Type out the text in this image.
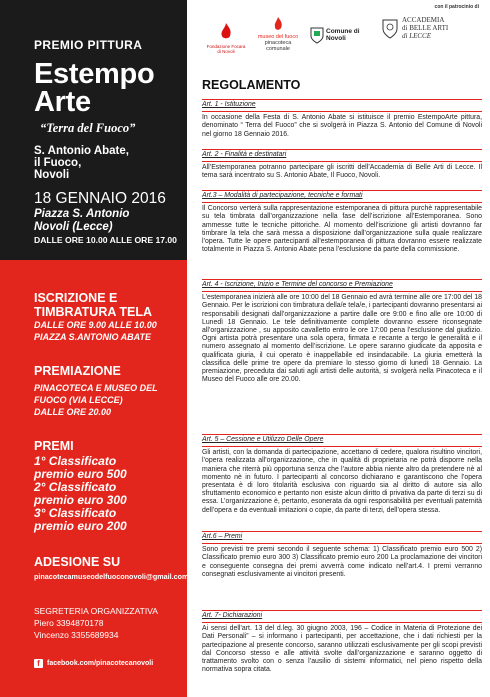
PREMIO PITTURA
Estempo
Arte
“Terra del Fuoco”
S. Antonio Abate,
il Fuoco,
Novoli
18 GENNAIO 2016
Piazza S. Antonio
Novoli (Lecce)
DALLE ORE 10.00 ALLE ORE 17.00
ISCRIZIONE E
TIMBRATURA TELA
DALLE ORE 9.00 ALLE 10.00
PIAZZA S.ANTONIO ABATE
PREMIAZIONE
PINACOTECA E MUSEO DEL
FUOCO (VIA LECCE)
DALLE ORE 20.00
PREMI
1° Classificato
premio euro 500
2° Classificato
premio euro 300
3° Classificato
premio euro 200
ADESIONE SU
pinacotecamuseodelfuoconovoli@gmail.com
SEGRETERIA ORGANIZZATIVA
Piero 3394870178
Vincenzo 3355689934
f	facebook.com/pinacotecanovoli
Fondazione Focara di Novoli
museo del fuoco
pinacoteca
comunale
Comune di Novoli
con il patrocinio di
ACCADEMIA
di BELLE ARTI
di LECCE
REGOLAMENTO
Art. 1 - Istituzione
In occasione della Festa di S. Antonio Abate si istituisce il premio EstempoArte pittura, denominato “ Terra del Fuoco” che si svolgerà in Piazza S. Antonio del Comune di Novoli nel giorno 18 Gennaio 2016.
Art. 2 - Finalità e destinatari
All’Estemporanea potranno partecipare gli iscritti dell’Accademia di Belle Arti di Lecce. Il tema sarà incentrato su S. Antonio Abate, Il Fuoco, Novoli.
Art.3 – Modalità di partecipazione, tecniche e formati
Il Concorso verterà sulla rappresentazione estemporanea di pittura purchè rappresentabile su tela timbrata dall’organizzazione nella fase dell’iscrizione all’Estemporanea. Sono ammesse tutte le tecniche pittoriche. Al momento dell’iscrizione gli artisti dovranno far timbrare la tela che sarà messa a disposizione dall’organizzazione sulla quale realizzare l’opera. Tutte le opere partecipanti all’estemporanea di pittura dovranno essere realizzate totalmente in Piazza S. Antonio Abate pena l’esclusione da parte della commissione.
Art. 4 - Iscrizione, Inizio e Termine del concorso e Premiazione
L’estemporanea inizierà alle ore 10:00 del 18 Gennaio ed avrà termine alle ore 17:00 del 18 Gennaio. Per le iscrizioni con timbratura della/e tela/e, i partecipanti dovranno presentarsi ai responsabili designati dall’organizzazione a partire dalle ore 9:00 e fino alle ore 10:00 di Lunedì 18 Gennaio. Le tele definitivamente complete dovranno essere riconsegnate all’organizzazione , su apposito cavalletto entro le ore 17:00 pena l’esclusione dal giudizio. Ogni artista potrà presentare una sola opera, firmata e recante a tergo le generalità e il numero assegnato al momento dell’iscrizione. Le opere saranno giudicate da apposita e qualificata giuria, il cui operato è inappellabile ed insindacabile. La giuria emetterà la classifica delle prime tre opere da premiare lo stesso giorno di lunedì 18 Gennaio. La premiazione, preceduta dai saluti agli artisti delle autorità, si svolgerà nella Pinacoteca e il Museo del Fuoco alle ore 20.00.
Art. 5 – Cessione e Utilizzo Delle Opere
Gli artisti, con la domanda di partecipazione, accettano di cedere, qualora risultino vincitori, l’opera realizzata all’organizzazione, che in qualità di proprietaria ne potrà disporre nella maniera che riterrà più opportuna senza che l’autore abbia niente altro da pretendere nè al momento nè in futuro. I partecipanti al concorso dichiarano e garantiscono che l’opera presentata è di loro titolarità esclusiva con riguardo sia al diritto di autore sia allo sfruttamento economico e pertanto non esiste alcun diritto di privativa da parte di terzi su di essa. L’organizzazione è, pertanto, esonerata da ogni responsabilità per eventuali paternità dell’opera e da eventuali imitazioni o copie, da parte di terzi, dell’opera stessa.
Art.6 – Premi
Sono previsti tre premi secondo il seguente schema: 1) Classificato premio euro 500 2) Classificato premio euro 300 3) Classificato premio euro 200 La proclamazione dei vincitori e conseguente consegna dei premi avverrà come indicato nell’art.4. I premi verranno consegnati esclusivamente ai vincitori presenti.
Art. 7- Dichiarazioni
Ai sensi dell’art. 13 del d.leg. 30 giugno 2003, 196 – Codice in Materia di Protezione dei Dati Personali” – si informano i partecipanti, per accettazione, che i dati richiesti per la partecipazione al presente concorso, saranno utilizzati esclusivamente per gli scopi previsti dal Concorso stesso e alle attività svolte dall’organizzazione e saranno oggetto di trattamento svolto con o senza l’ausilio di sistemi informatici, nel pieno rispetto della normativa sopra citata.
